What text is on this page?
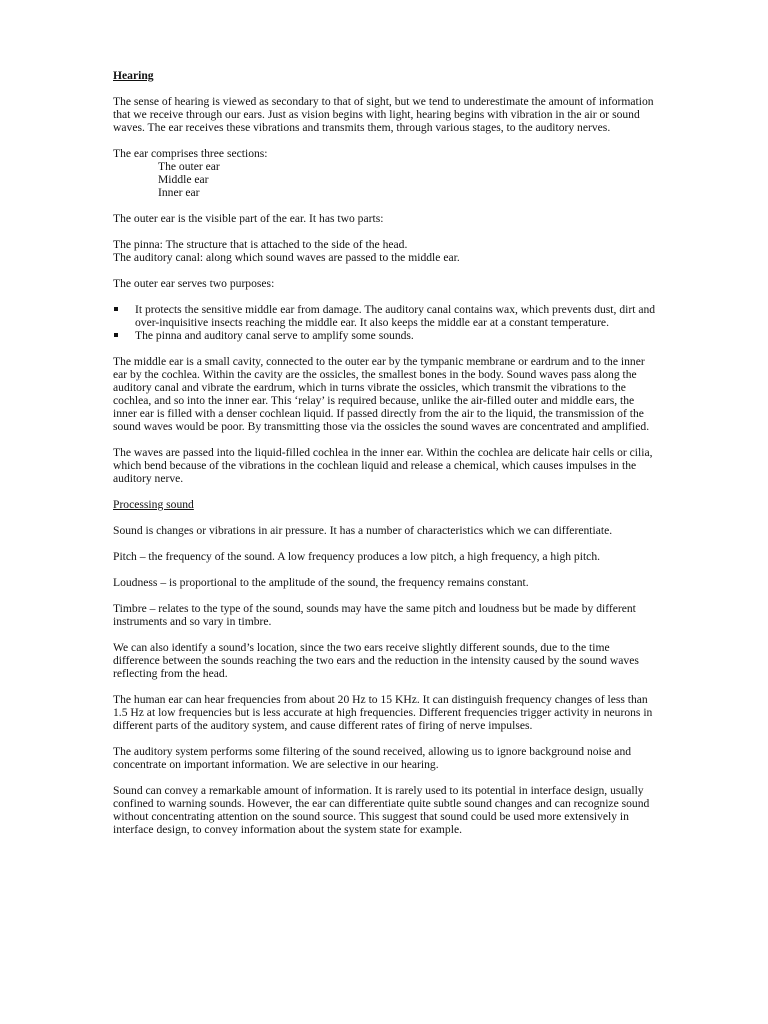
Hearing

The sense of hearing is viewed as secondary to that of sight, but we tend to underestimate the amount of information that we receive through our ears. Just as vision begins with light, hearing begins with vibration in the air or sound waves. The ear receives these vibrations and transmits them, through various stages, to the auditory nerves.

The ear comprises three sections:

The outer ear
Middle ear
Inner ear

The outer ear is the visible part of the ear. It has two parts:

The pinna: The structure that is attached to the side of the head.
The auditory canal: along which sound waves are passed to the middle ear.

The outer ear serves two purposes:

It protects the sensitive middle ear from damage. The auditory canal contains wax, which prevents dust, dirt and over-inquisitive insects reaching the middle ear. It also keeps the middle ear at a constant temperature.
The pinna and auditory canal serve to amplify some sounds.

The middle ear is a small cavity, connected to the outer ear by the tympanic membrane or eardrum and to the inner ear by the cochlea. Within the cavity are the ossicles, the smallest bones in the body. Sound waves pass along the auditory canal and vibrate the eardrum, which in turns vibrate the ossicles, which transmit the vibrations to the cochlea, and so into the inner ear. This ‘relay’ is required because, unlike the air-filled outer and middle ears, the inner ear is filled with a denser cochlean liquid. If passed directly from the air to the liquid, the transmission of the sound waves would be poor. By transmitting those via the ossicles the sound waves are concentrated and amplified.

The waves are passed into the liquid-filled cochlea in the inner ear. Within the cochlea are delicate hair cells or cilia, which bend because of the vibrations in the cochlean liquid and release a chemical, which causes impulses in the auditory nerve.

Processing sound

Sound is changes or vibrations in air pressure. It has a number of characteristics which we can differentiate.

Pitch – the frequency of the sound. A low frequency produces a low pitch, a high frequency, a high pitch.

Loudness – is proportional to the amplitude of the sound, the frequency remains constant.

Timbre – relates to the type of the sound, sounds may have the same pitch and loudness but be made by different instruments and so vary in timbre.

We can also identify a sound’s location, since the two ears receive slightly different sounds, due to the time difference between the sounds reaching the two ears and the reduction in the intensity caused by the sound waves reflecting from the head.

The human ear can hear frequencies from about 20 Hz to 15 KHz. It can distinguish frequency changes of less than 1.5 Hz at low frequencies but is less accurate at high frequencies. Different frequencies trigger activity in neurons in different parts of the auditory system, and cause different rates of firing of nerve impulses.

The auditory system performs some filtering of the sound received, allowing us to ignore background noise and concentrate on important information. We are selective in our hearing.

Sound can convey a remarkable amount of information. It is rarely used to its potential in interface design, usually confined to warning sounds. However, the ear can differentiate quite subtle sound changes and can recognize sound without concentrating attention on the sound source. This suggest that sound could be used more extensively in interface design, to convey information about the system state for example.
